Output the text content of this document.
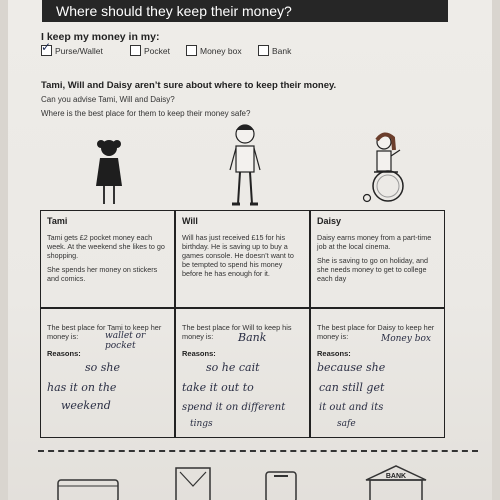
Where should they keep their money?
I keep my money in my:
✓ Purse/Wallet	Pocket	Money box	Bank
Tami, Will and Daisy aren’t sure about where to keep their money.
Can you advise Tami, Will and Daisy?
Where is the best place for them to keep their money safe?
Tami

Tami gets £2 pocket money each week. At the weekend she likes to go shopping.

She spends her money on stickers and comics.

The best place for Tami to keep her money is:	wallet or pocket
Reasons:
so she
has it on the
weekend
Will

Will has just received £15 for his birthday. He is saving up to buy a games console. He doesn’t want to be tempted to spend his money before he has enough for it.

The best place for Will to keep his money is:	Bank
Reasons:
so he cait
take it out to
spend it on different
tings
Daisy

Daisy earns money from a part-time job at the local cinema.

She is saving to go on holiday, and she needs money to get to college each day

The best place for Daisy to keep her money is:	Money box
Reasons:
because she
can still get
it out and its
safe
BANK
